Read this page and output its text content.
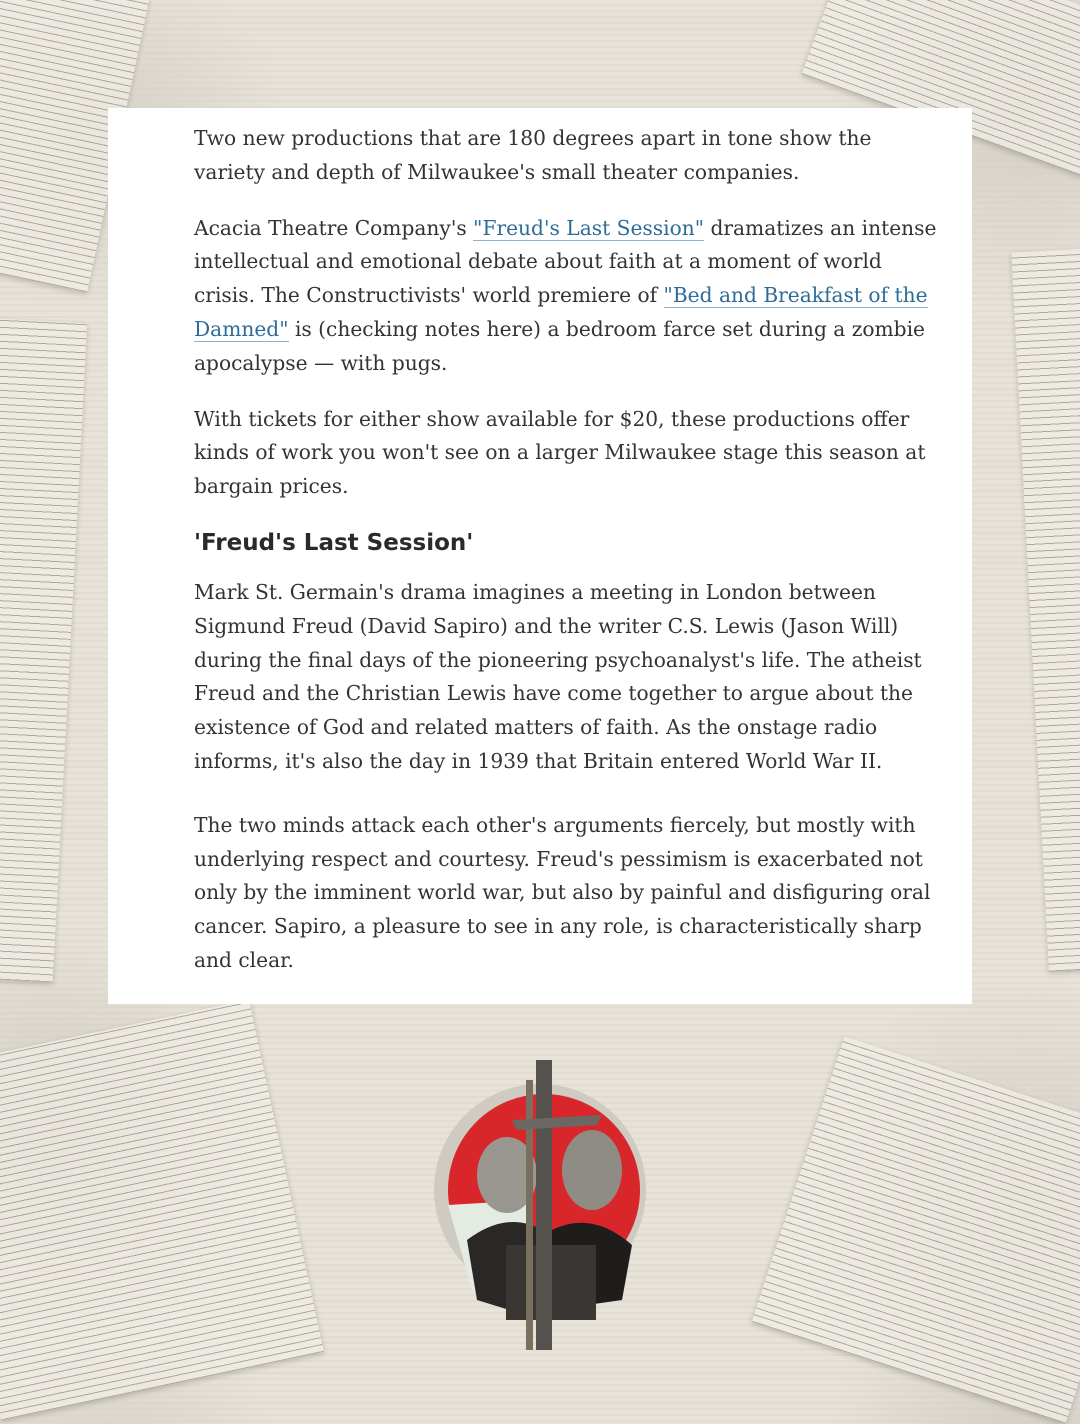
Two new productions that are 180 degrees apart in tone show the variety and depth of Milwaukee's small theater companies.

Acacia Theatre Company's "Freud's Last Session" dramatizes an intense intellectual and emotional debate about faith at a moment of world crisis. The Constructivists' world premiere of "Bed and Breakfast of the Damned" is (checking notes here) a bedroom farce set during a zombie apocalypse — with pugs.

With tickets for either show available for $20, these productions offer kinds of work you won't see on a larger Milwaukee stage this season at bargain prices.

'Freud's Last Session'

Mark St. Germain's drama imagines a meeting in London between Sigmund Freud (David Sapiro) and the writer C.S. Lewis (Jason Will) during the final days of the pioneering psychoanalyst's life. The atheist Freud and the Christian Lewis have come together to argue about the existence of God and related matters of faith. As the onstage radio informs, it's also the day in 1939 that Britain entered World War II.

The two minds attack each other's arguments fiercely, but mostly with underlying respect and courtesy. Freud's pessimism is exacerbated not only by the imminent world war, but also by painful and disfiguring oral cancer. Sapiro, a pleasure to see in any role, is characteristically sharp and clear.
